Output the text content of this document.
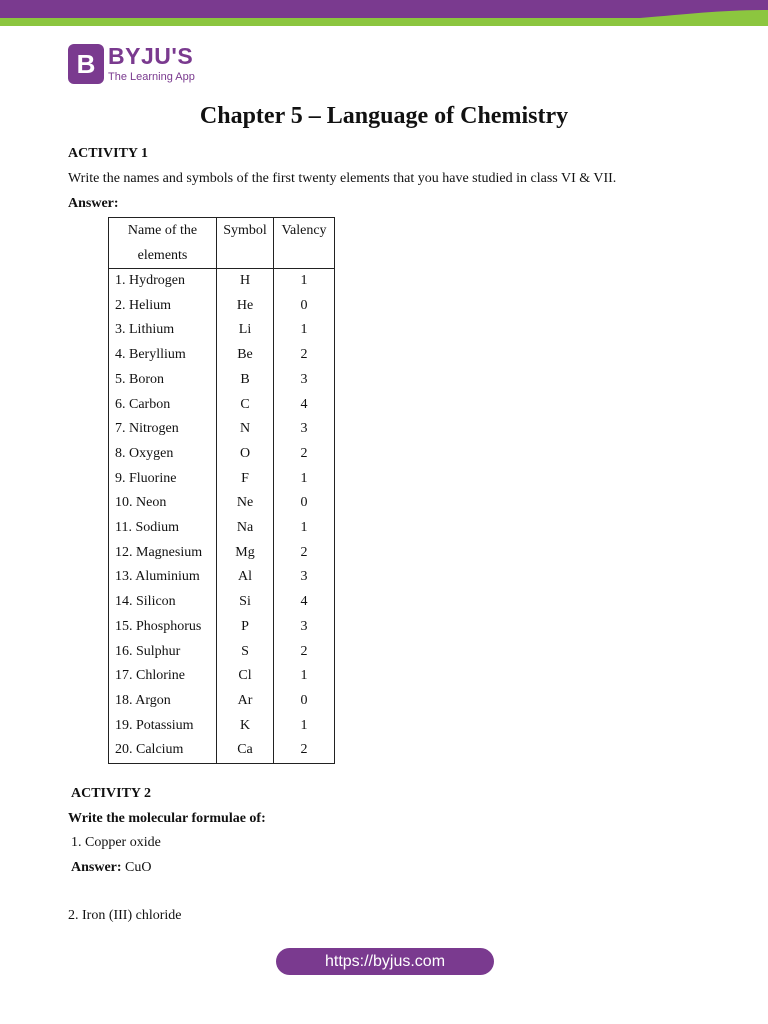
B BYJU'S
The Learning App
Chapter 5 – Language of Chemistry
ACTIVITY 1
Write the names and symbols of the first twenty elements that you have studied in class VI & VII.
Answer:
Name of the elements	Symbol	Valency
1. Hydrogen	H	1
2. Helium	He	0
3. Lithium	Li	1
4. Beryllium	Be	2
5. Boron	B	3
6. Carbon	C	4
7. Nitrogen	N	3
8. Oxygen	O	2
9. Fluorine	F	1
10. Neon	Ne	0
11. Sodium	Na	1
12. Magnesium	Mg	2
13. Aluminium	Al	3
14. Silicon	Si	4
15. Phosphorus	P	3
16. Sulphur	S	2
17. Chlorine	Cl	1
18. Argon	Ar	0
19. Potassium	K	1
20. Calcium	Ca	2
ACTIVITY 2
Write the molecular formulae of:
1. Copper oxide
Answer: CuO
2. Iron (III) chloride
https://byjus.com
